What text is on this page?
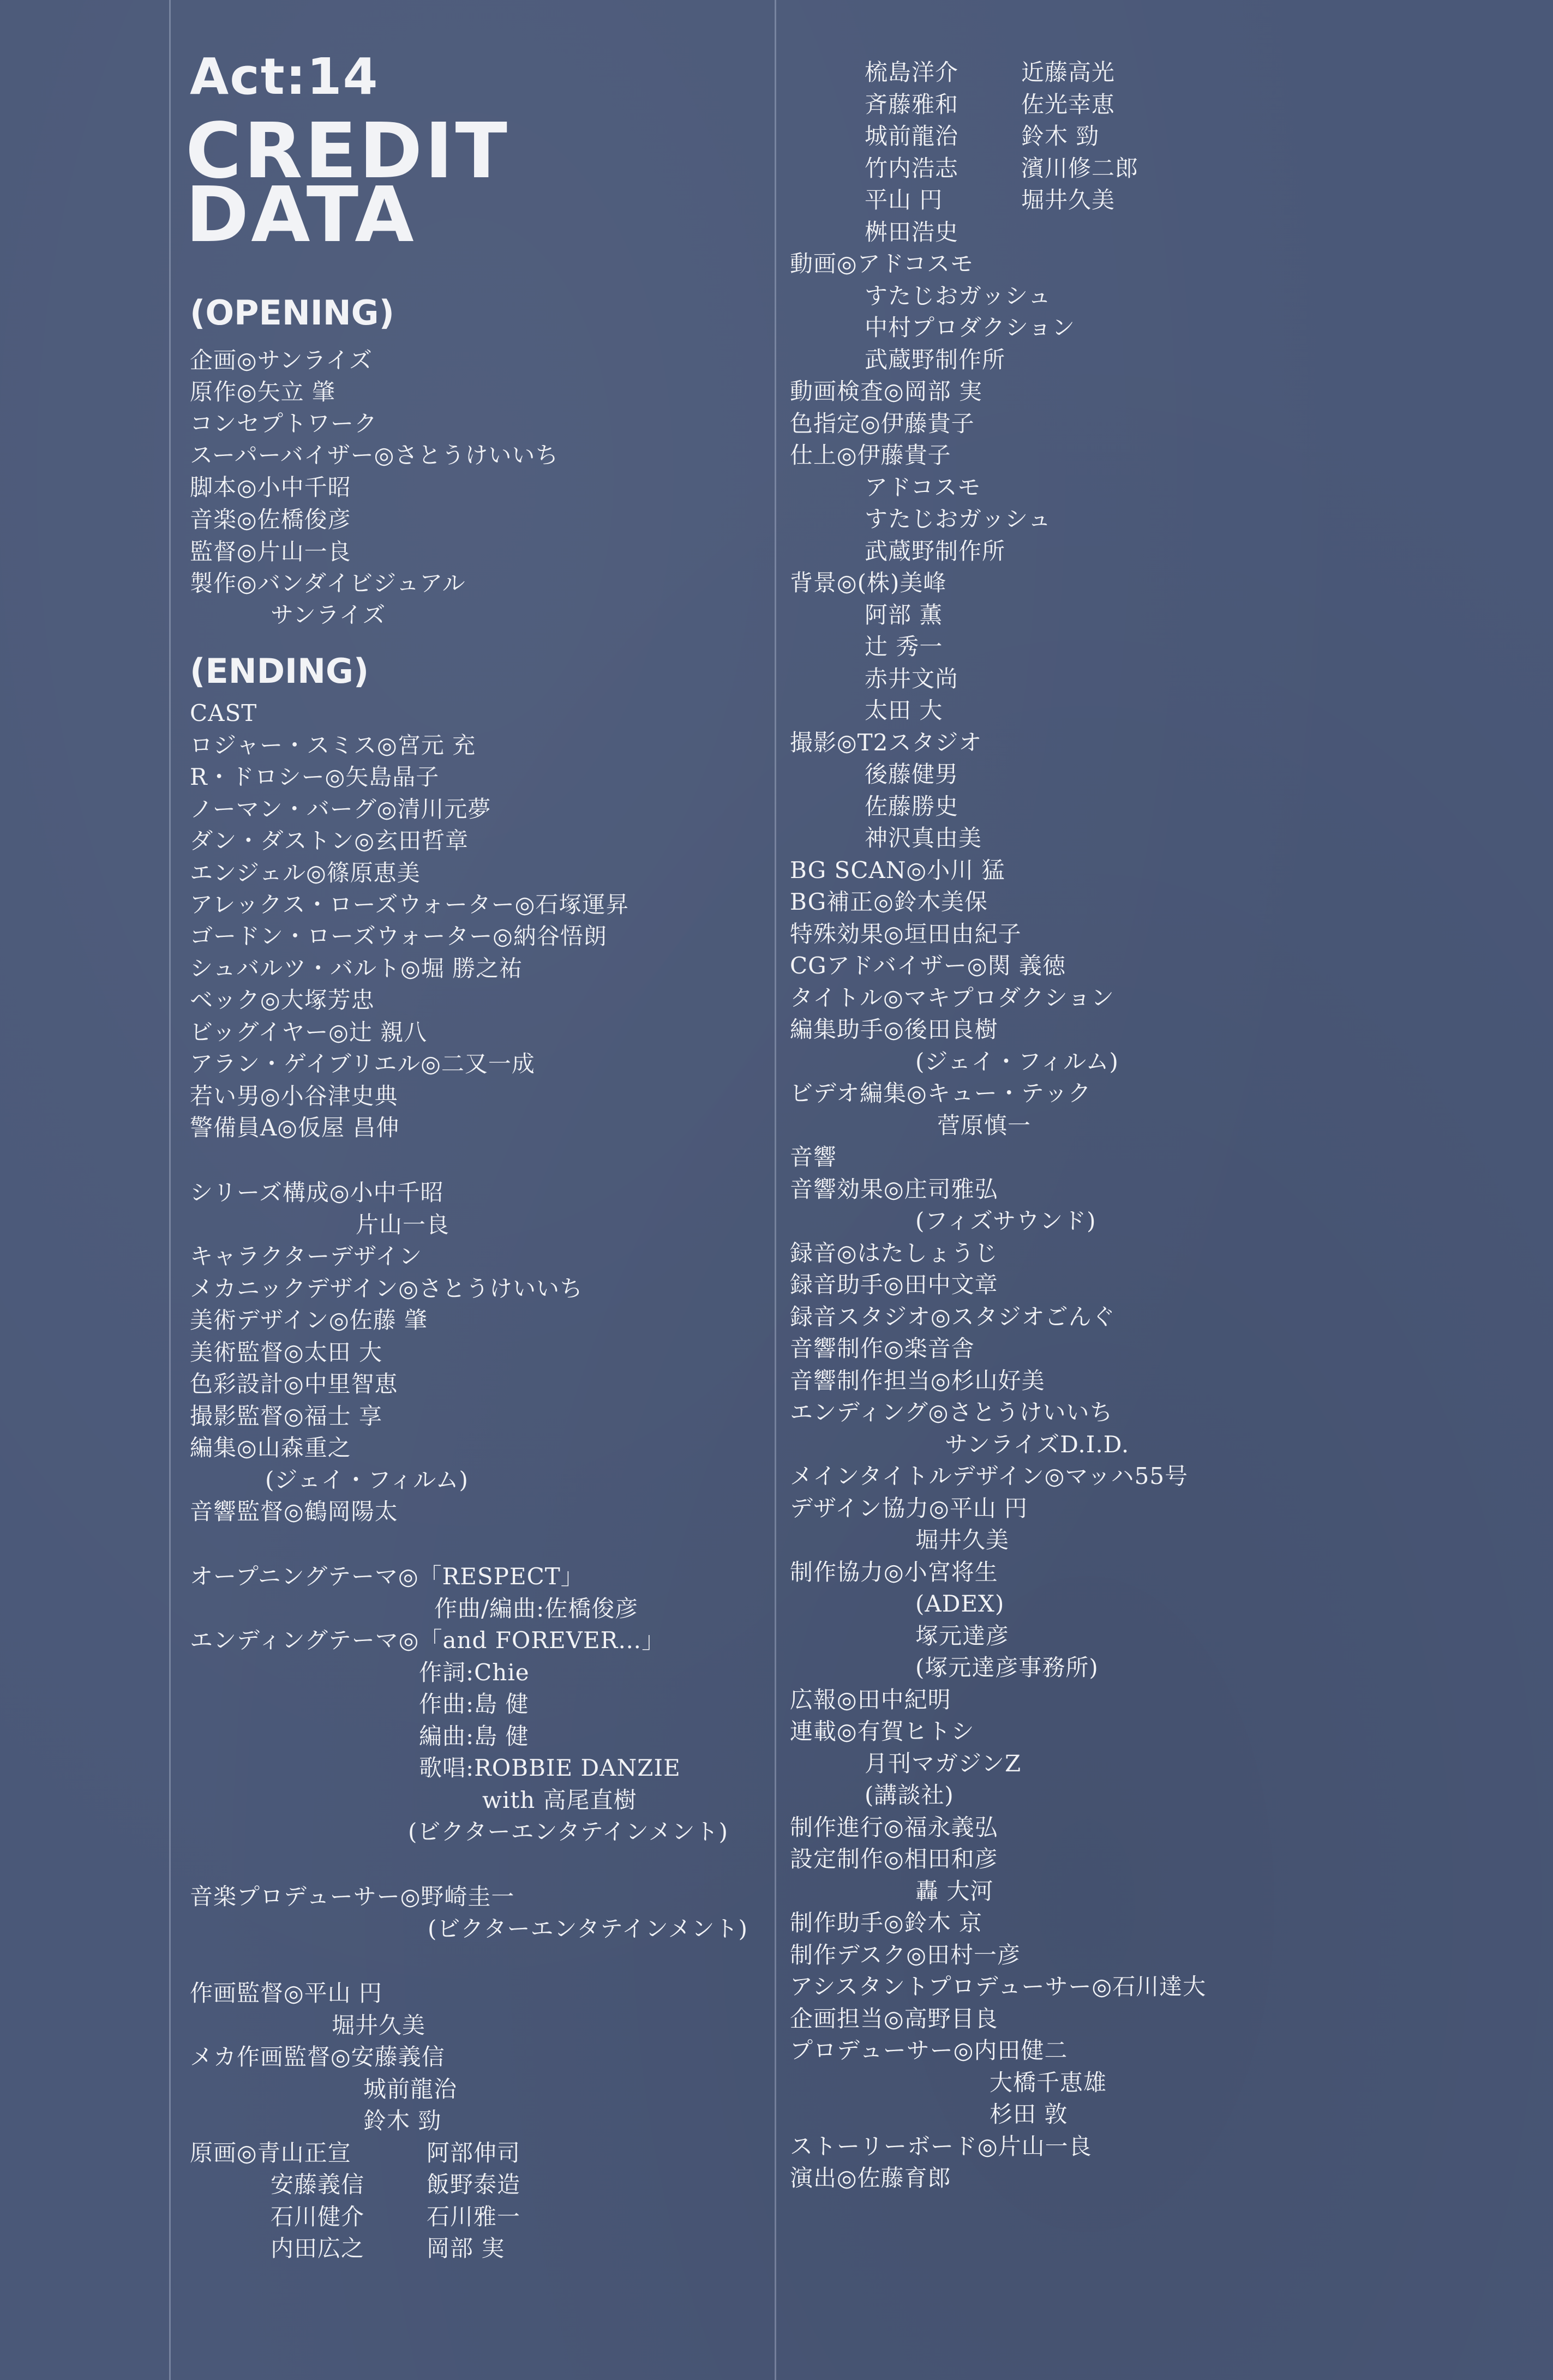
Act:14
CREDIT
DATA
(OPENING)
(ENDING)
企画◎サンライズ
原作◎矢立 肇
コンセプトワーク
スーパーバイザー◎さとうけいいち
脚本◎小中千昭
音楽◎佐橋俊彦
監督◎片山一良
製作◎バンダイビジュアル
サンライズ
CAST
ロジャー・スミス◎宮元 充
R・ドロシー◎矢島晶子
ノーマン・バーグ◎清川元夢
ダン・ダストン◎玄田哲章
エンジェル◎篠原恵美
アレックス・ローズウォーター◎石塚運昇
ゴードン・ローズウォーター◎納谷悟朗
シュバルツ・バルト◎堀 勝之祐
ベック◎大塚芳忠
ビッグイヤー◎辻 親八
アラン・ゲイブリエル◎二又一成
若い男◎小谷津史典
警備員A◎仮屋 昌伸
シリーズ構成◎小中千昭
片山一良
キャラクターデザイン
メカニックデザイン◎さとうけいいち
美術デザイン◎佐藤 肇
美術監督◎太田 大
色彩設計◎中里智恵
撮影監督◎福士 享
編集◎山森重之
(ジェイ・フィルム)
音響監督◎鶴岡陽太
オープニングテーマ◎「RESPECT」
作曲/編曲:佐橋俊彦
エンディングテーマ◎「and FOREVER…」
作詞:Chie
作曲:島 健
編曲:島 健
歌唱:ROBBIE DANZIE
with 高尾直樹
(ビクターエンタテインメント)
音楽プロデューサー◎野崎圭一
(ビクターエンタテインメント)
作画監督◎平山 円
堀井久美
メカ作画監督◎安藤義信
城前龍治
鈴木 勁
原画◎青山正宣	阿部伸司
安藤義信	飯野泰造
石川健介	石川雅一
内田広之	岡部 実
梳島洋介	近藤高光
斉藤雅和	佐光幸恵
城前龍治	鈴木 勁
竹内浩志	濱川修二郎
平山 円	堀井久美
桝田浩史
動画◎アドコスモ
すたじおガッシュ
中村プロダクション
武蔵野制作所
動画検査◎岡部 実
色指定◎伊藤貴子
仕上◎伊藤貴子
アドコスモ
すたじおガッシュ
武蔵野制作所
背景◎(株)美峰
阿部 薫
辻 秀一
赤井文尚
太田 大
撮影◎T2スタジオ
後藤健男
佐藤勝史
神沢真由美
BG SCAN◎小川 猛
BG補正◎鈴木美保
特殊効果◎垣田由紀子
CGアドバイザー◎関 義徳
タイトル◎マキプロダクション
編集助手◎後田良樹
(ジェイ・フィルム)
ビデオ編集◎キュー・テック
菅原慎一
音響
音響効果◎庄司雅弘
(フィズサウンド)
録音◎はたしょうじ
録音助手◎田中文章
録音スタジオ◎スタジオごんぐ
音響制作◎楽音舎
音響制作担当◎杉山好美
エンディング◎さとうけいいち
サンライズD.I.D.
メインタイトルデザイン◎マッハ55号
デザイン協力◎平山 円
堀井久美
制作協力◎小宮将生
(ADEX)
塚元達彦
(塚元達彦事務所)
広報◎田中紀明
連載◎有賀ヒトシ
月刊マガジンZ
(講談社)
制作進行◎福永義弘
設定制作◎相田和彦
轟 大河
制作助手◎鈴木 京
制作デスク◎田村一彦
アシスタントプロデューサー◎石川達大
企画担当◎高野目良
プロデューサー◎内田健二
大橋千恵雄
杉田 敦
ストーリーボード◎片山一良
演出◎佐藤育郎
